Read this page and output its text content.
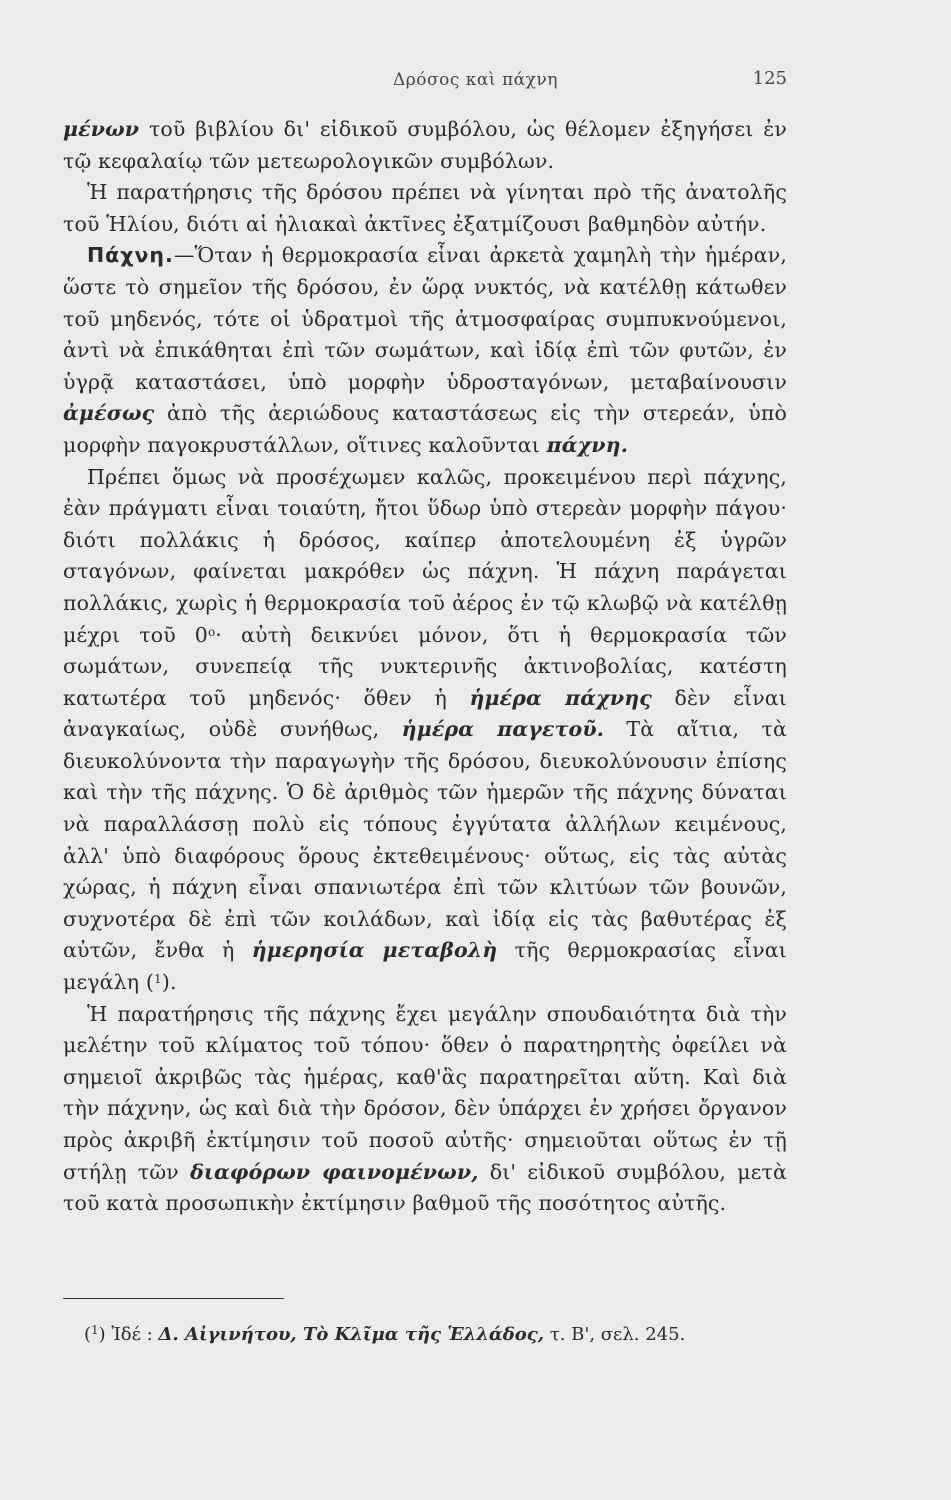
Δρόσος καὶ πάχνη	125

μένων τοῦ βιβλίου δι' εἰδικοῦ συμβόλου, ὡς θέλομεν ἐξηγήσει ἐν τῷ κεφαλαίῳ τῶν μετεωρολογικῶν συμβόλων.

Ἡ παρατήρησις τῆς δρόσου πρέπει νὰ γίνηται πρὸ τῆς ἀνατολῆς τοῦ Ἡλίου, διότι αἱ ἡλιακαὶ ἀκτῖνες ἐξατμίζουσι βαθμηδὸν αὐτήν.

Πάχνη.—Ὅταν ἡ θερμοκρασία εἶναι ἀρκετὰ χαμηλὴ τὴν ἡμέραν, ὥστε τὸ σημεῖον τῆς δρόσου, ἐν ὥρᾳ νυκτός, νὰ κατέλθῃ κάτωθεν τοῦ μηδενός, τότε οἱ ὑδρατμοὶ τῆς ἀτμοσφαίρας συμπυκνούμενοι, ἀντὶ νὰ ἐπικάθηται ἐπὶ τῶν σωμάτων, καὶ ἰδίᾳ ἐπὶ τῶν φυτῶν, ἐν ὑγρᾷ καταστάσει, ὑπὸ μορφὴν ὑδροσταγόνων, μεταβαίνουσιν ἀμέσως ἀπὸ τῆς ἀεριώδους καταστάσεως εἰς τὴν στερεάν, ὑπὸ μορφὴν παγοκρυστάλλων, οἵτινες καλοῦνται πάχνη.

Πρέπει ὅμως νὰ προσέχωμεν καλῶς, προκειμένου περὶ πάχνης, ἐὰν πράγματι εἶναι τοιαύτη, ἤτοι ὕδωρ ὑπὸ στερεὰν μορφὴν πάγου· διότι πολλάκις ἡ δρόσος, καίπερ ἀποτελουμένη ἐξ ὑγρῶν σταγόνων, φαίνεται μακρόθεν ὡς πάχνη. Ἡ πάχνη παράγεται πολλάκις, χωρὶς ἡ θερμοκρασία τοῦ ἀέρος ἐν τῷ κλωβῷ νὰ κατέλθῃ μέχρι τοῦ $0^o\cdot$ αὐτὴ δεικνύει μόνον, ὅτι ἡ θερμοκρασία τῶν σωμάτων, συνεπείᾳ τῆς νυκτερινῆς ἀκτινοβολίας, κατέστη κατωτέρα τοῦ μηδενός· ὅθεν ἡ ἡμέρα πάχνης δὲν εἶναι ἀναγκαίως, οὐδὲ συνήθως, ἡμέρα παγετοῦ. Τὰ αἴτια, τὰ διευκολύνοντα τὴν παραγωγὴν τῆς δρόσου, διευκολύνουσιν ἐπίσης καὶ τὴν τῆς πάχνης. Ὁ δὲ ἀριθμὸς τῶν ἡμερῶν τῆς πάχνης δύναται νὰ παραλλάσσῃ πολὺ εἰς τόπους ἐγγύτατα ἀλλήλων κειμένους, ἀλλ' ὑπὸ διαφόρους ὅρους ἐκτεθειμένους· οὕτως, εἰς τὰς αὐτὰς χώρας, ἡ πάχνη εἶναι σπανιωτέρα ἐπὶ τῶν κλιτύων τῶν βουνῶν, συχνοτέρα δὲ ἐπὶ τῶν κοιλάδων, καὶ ἰδίᾳ εἰς τὰς βαθυτέρας ἐξ αὐτῶν, ἔνθα ἡ ἡμερησία μεταβολὴ τῆς θερμοκρασίας εἶναι μεγάλη ($^1$).

Ἡ παρατήρησις τῆς πάχνης ἔχει μεγάλην σπουδαιότητα διὰ τὴν μελέτην τοῦ κλίματος τοῦ τόπου· ὅθεν ὁ παρατηρητὴς ὀφείλει νὰ σημειοῖ ἀκριβῶς τὰς ἡμέρας, καθ'ἃς παρατηρεῖται αὕτη. Καὶ διὰ τὴν πάχνην, ὡς καὶ διὰ τὴν δρόσον, δὲν ὑπάρχει ἐν χρήσει ὄργανον πρὸς ἀκριβῆ ἐκτίμησιν τοῦ ποσοῦ αὐτῆς· σημειοῦται οὕτως ἐν τῇ στήλῃ τῶν διαφόρων φαινομένων, δι' εἰδικοῦ συμβόλου, μετὰ τοῦ κατὰ προσωπικὴν ἐκτίμησιν βαθμοῦ τῆς ποσότητος αὐτῆς.

($^1$) Ἰδέ : Δ. Αἰγινήτου, Τὸ Κλῖμα τῆς Ἑλλάδος, τ. Β', σελ. 245.
